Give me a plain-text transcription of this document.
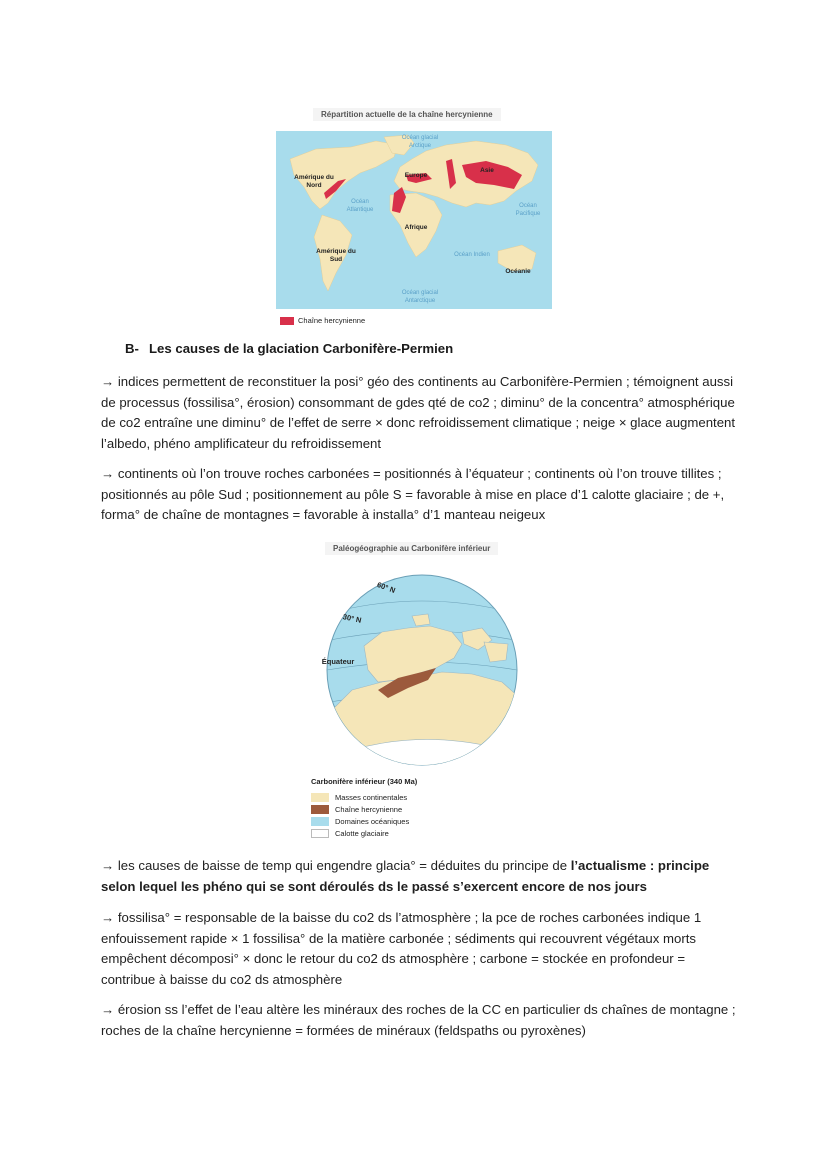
Répartition actuelle de la chaîne hercynienne
Océan glacial Arctique
Europe
Asie
Amérique du Nord
Océan Atlantique
Océan Pacifique
Afrique
Amérique du Sud
Océan Indien
Océanie
Océan glacial Antarctique
Chaîne hercynienne
B- Les causes de la glaciation Carbonifère-Permien

→ indices permettent de reconstituer la posi° géo des continents au Carbonifère-Permien ; témoignent aussi de processus (fossilisa°, érosion) consommant de gdes qté de co2 ; diminu° de la concentra° atmosphérique de co2 entraîne une diminu° de l’effet de serre × donc refroidissement climatique ; neige × glace augmentent l’albedo, phéno amplificateur du refroidissement

→ continents où l’on trouve roches carbonées = positionnés à l’équateur ; continents où l’on trouve tillites ; positionnés au pôle Sud ; positionnement au pôle S = favorable à mise en place d’1 calotte glaciaire ; de +, forma° de chaîne de montagnes = favorable à installa° d’1 manteau neigeux

Paléogéographie au Carbonifère inférieur
60° N
30° N
Équateur
Carbonifère inférieur (340 Ma)
Masses continentales
Chaîne hercynienne
Domaines océaniques
Calotte glaciaire

→ les causes de baisse de temp qui engendre glacia° = déduites du principe de l’actualisme : principe selon lequel les phéno qui se sont déroulés ds le passé s’exercent encore de nos jours

→ fossilisa° = responsable de la baisse du co2 ds l’atmosphère ; la pce de roches carbonées indique 1 enfouissement rapide × 1 fossilisa° de la matière carbonée ; sédiments qui recouvrent végétaux morts empêchent décomposi° × donc le retour du co2 ds atmosphère ; carbone = stockée en profondeur = contribue à baisse du co2 ds atmosphère

→ érosion ss l’effet de l’eau altère les minéraux des roches de la CC en particulier ds chaînes de montagne ; roches de la chaîne hercynienne = formées de minéraux (feldspaths ou pyroxènes)
